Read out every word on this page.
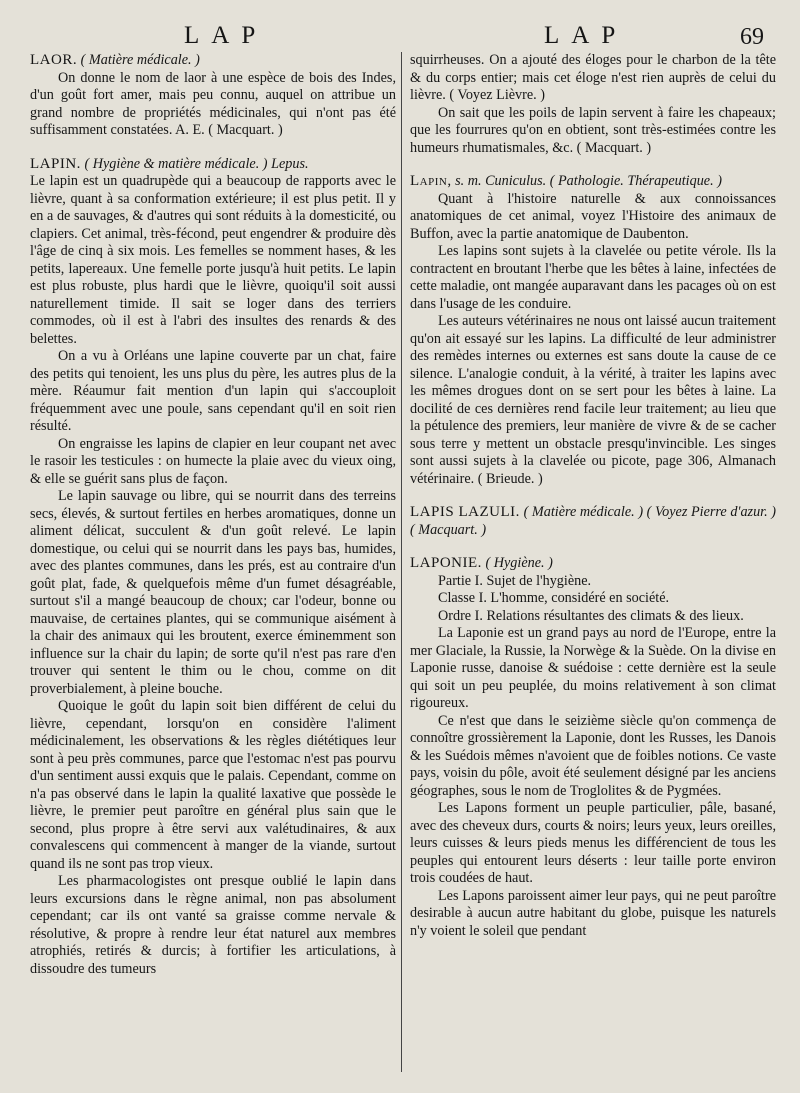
LAP	LAP	69

LAOR. ( Matière médicale. )

On donne le nom de laor à une espèce de bois des Indes, d'un goût fort amer, mais peu connu, auquel on attribue un grand nombre de propriétés médicinales, qui n'ont pas été suffisamment constatées. A. E. ( Macquart. )

LAPIN. ( Hygiène & matière médicale. ) Lepus.

Le lapin est un quadrupède qui a beaucoup de rapports avec le lièvre, quant à sa conformation extérieure; il est plus petit. Il y en a de sauvages, & d'autres qui sont réduits à la domesticité, ou clapiers. Cet animal, très-fécond, peut engendrer & produire dès l'âge de cinq à six mois. Les femelles se nomment hases, & les petits, lapereaux. Une femelle porte jusqu'à huit petits. Le lapin est plus robuste, plus hardi que le lièvre, quoiqu'il soit aussi naturellement timide. Il sait se loger dans des terriers commodes, où il est à l'abri des insultes des renards & des belettes.

On a vu à Orléans une lapine couverte par un chat, faire des petits qui tenoient, les uns plus du père, les autres plus de la mère. Réaumur fait mention d'un lapin qui s'accouploit fréquemment avec une poule, sans cependant qu'il en soit rien résulté.

On engraisse les lapins de clapier en leur coupant net avec le rasoir les testicules : on humecte la plaie avec du vieux oing, & elle se guérit sans plus de façon.

Le lapin sauvage ou libre, qui se nourrit dans des terreins secs, élevés, & surtout fertiles en herbes aromatiques, donne un aliment délicat, succulent & d'un goût relevé. Le lapin domestique, ou celui qui se nourrit dans les pays bas, humides, avec des plantes communes, dans les prés, est au contraire d'un goût plat, fade, & quelquefois même d'un fumet désagréable, surtout s'il a mangé beaucoup de choux; car l'odeur, bonne ou mauvaise, de certaines plantes, qui se communique aisément à la chair des animaux qui les broutent, exerce éminemment son influence sur la chair du lapin; de sorte qu'il n'est pas rare d'en trouver qui sentent le thim ou le chou, comme on dit proverbialement, à pleine bouche.

Quoique le goût du lapin soit bien différent de celui du lièvre, cependant, lorsqu'on en considère l'aliment médicinalement, les observations & les règles diététiques leur sont à peu près communes, parce que l'estomac n'est pas pourvu d'un sentiment aussi exquis que le palais. Cependant, comme on n'a pas observé dans le lapin la qualité laxative que possède le lièvre, le premier peut paroître en général plus sain que le second, plus propre à être servi aux valétudinaires, & aux convalescens qui commencent à manger de la viande, surtout quand ils ne sont pas trop vieux.

Les pharmacologistes ont presque oublié le lapin dans leurs excursions dans le règne animal, non pas absolument cependant; car ils ont vanté sa graisse comme nervale & résolutive, & propre à rendre leur état naturel aux membres atrophiés, retirés & durcis; à fortifier les articulations, à dissoudre des tumeurs

squirrheuses. On a ajouté des éloges pour le charbon de la tête & du corps entier; mais cet éloge n'est rien auprès de celui du lièvre. ( Voyez Lièvre. )

On sait que les poils de lapin servent à faire les chapeaux; que les fourrures qu'on en obtient, sont très-estimées contre les humeurs rhumatismales, &c. ( Macquart. )

Lapin, s. m. Cuniculus. ( Pathologie. Thérapeutique. )

Quant à l'histoire naturelle & aux connoissances anatomiques de cet animal, voyez l'Histoire des animaux de Buffon, avec la partie anatomique de Daubenton.

Les lapins sont sujets à la clavelée ou petite vérole. Ils la contractent en broutant l'herbe que les bêtes à laine, infectées de cette maladie, ont mangée auparavant dans les pacages où on est dans l'usage de les conduire.

Les auteurs vétérinaires ne nous ont laissé aucun traitement qu'on ait essayé sur les lapins. La difficulté de leur administrer des remèdes internes ou externes est sans doute la cause de ce silence. L'analogie conduit, à la vérité, à traiter les lapins avec les mêmes drogues dont on se sert pour les bêtes à laine. La docilité de ces dernières rend facile leur traitement; au lieu que la pétulence des premiers, leur manière de vivre & de se cacher sous terre y mettent un obstacle presqu'invincible. Les singes sont aussi sujets à la clavelée ou picote, page 306, Almanach vétérinaire. ( Brieude. )

LAPIS LAZULI. ( Matière médicale. ) ( Voyez Pierre d'azur. ) ( Macquart. )

LAPONIE. ( Hygiène. )

Partie I. Sujet de l'hygiène.

Classe I. L'homme, considéré en société.

Ordre I. Relations résultantes des climats & des lieux.

La Laponie est un grand pays au nord de l'Europe, entre la mer Glaciale, la Russie, la Norwège & la Suède. On la divise en Laponie russe, danoise & suédoise : cette dernière est la seule qui soit un peu peuplée, du moins relativement à son climat rigoureux.

Ce n'est que dans le seizième siècle qu'on commença de connoître grossièrement la Laponie, dont les Russes, les Danois & les Suédois mêmes n'avoient que de foibles notions. Ce vaste pays, voisin du pôle, avoit été seulement désigné par les anciens géographes, sous le nom de Troglolites & de Pygmées.

Les Lapons forment un peuple particulier, pâle, basané, avec des cheveux durs, courts & noirs; leurs yeux, leurs oreilles, leurs cuisses & leurs pieds menus les différencient de tous les peuples qui entourent leurs déserts : leur taille porte environ trois coudées de haut.

Les Lapons paroissent aimer leur pays, qui ne peut paroître desirable à aucun autre habitant du globe, puisque les naturels n'y voient le soleil que pendant
